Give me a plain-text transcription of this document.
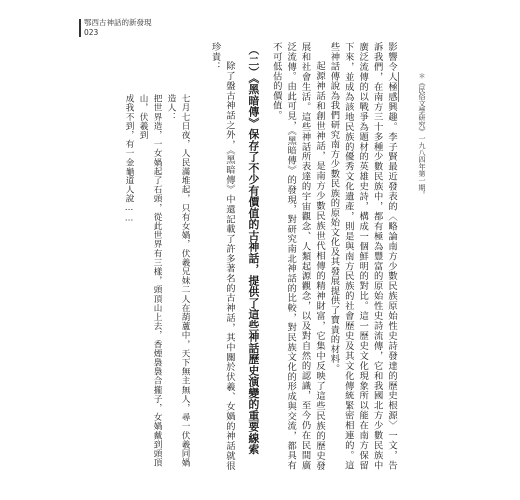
鄂西古神話的新發現
023
＊《民俗文學研究》一九八四年第一期。

影響令人極感興趣。李子賢最近發表的〈略論南方少數民族原始性史詩發達的歷史根源〉一文，告訴我們，在南方三十多種少數民族中，都有極為豐富的原始性史詩流傳，它和我國北方少數民族中廣泛流傳的以戰爭為題材的英雄史詩，構成一個鮮明的對比。這一歷史文化現象所以能在南方保留下來，並成為該地民族的優秀文化遺產，則是與南方民族的社會歷史及其文化傳統緊密相連的。這些神話傳說為我們研究南方少數民族的原始文化及其發展提供了寶貴的材料。

起源神話和創世神話，是南方少數民族世代相傳的精神財富，它集中反映了這些民族的歷史發展和社會生活。這些神話所表達的宇宙觀念、人類起源觀念，以及對自然的認識，至今仍在民間廣泛流傳。由此可見，《黑暗傳》的發現，對研究南北神話的比較，對民族文化的形成與交流，都具有不可低估的價值。

（二）《黑暗傳》保存了不少有價值的古神話，提供了這些神話歷史演變的重要線索

除了盤古神話之外，《黑暗傳》中還記載了許多著名的古神話，其中關於伏羲、女媧的神話就很珍貴：

七月七日夜，人民滿堆起，只有女媧，伏羲兄妹二人在葫蘆中，天下無主無人，尋一伏羲同媧造人：

把世界造，一女媧起了石頭，從此世界有三樣，頭頂山上去，香煙裊裊合攏子，女媧戴到頭頂山，伏羲到

成我不到，有一金龜道人說……
